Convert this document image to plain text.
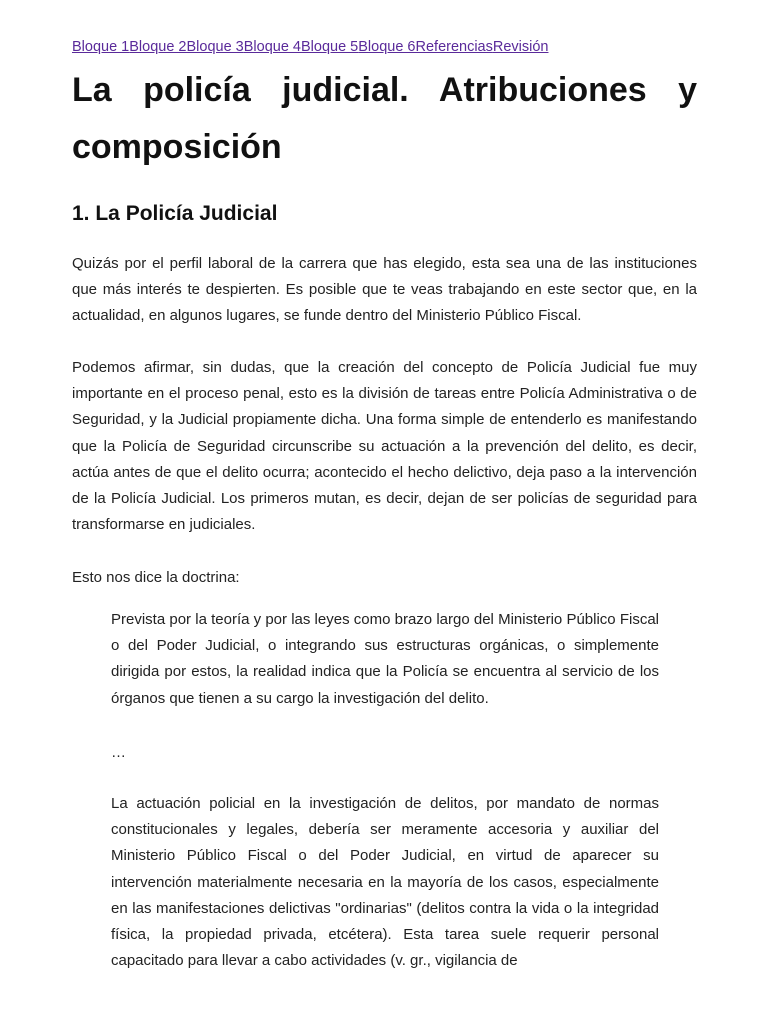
Bloque 1Bloque 2Bloque 3Bloque 4Bloque 5Bloque 6ReferenciasRevisión
La policía judicial. Atribuciones y composición
1. La Policía Judicial

Quizás por el perfil laboral de la carrera que has elegido, esta sea una de las instituciones que más interés te despierten. Es posible que te veas trabajando en este sector que, en la actualidad, en algunos lugares, se funde dentro del Ministerio Público Fiscal.

Podemos afirmar, sin dudas, que la creación del concepto de Policía Judicial fue muy importante en el proceso penal, esto es la división de tareas entre Policía Administrativa o de Seguridad, y la Judicial propiamente dicha. Una forma simple de entenderlo es manifestando que la Policía de Seguridad circunscribe su actuación a la prevención del delito, es decir, actúa antes de que el delito ocurra; acontecido el hecho delictivo, deja paso a la intervención de la Policía Judicial. Los primeros mutan, es decir, dejan de ser policías de seguridad para transformarse en judiciales.

Esto nos dice la doctrina:

Prevista por la teoría y por las leyes como brazo largo del Ministerio Público Fiscal o del Poder Judicial, o integrando sus estructuras orgánicas, o simplemente dirigida por estos, la realidad indica que la Policía se encuentra al servicio de los órganos que tienen a su cargo la investigación del delito.

…

La actuación policial en la investigación de delitos, por mandato de normas constitucionales y legales, debería ser meramente accesoria y auxiliar del Ministerio Público Fiscal o del Poder Judicial, en virtud de aparecer su intervención materialmente necesaria en la mayoría de los casos, especialmente en las manifestaciones delictivas "ordinarias" (delitos contra la vida o la integridad física, la propiedad privada, etcétera). Esta tarea suele requerir personal capacitado para llevar a cabo actividades (v. gr., vigilancia de
